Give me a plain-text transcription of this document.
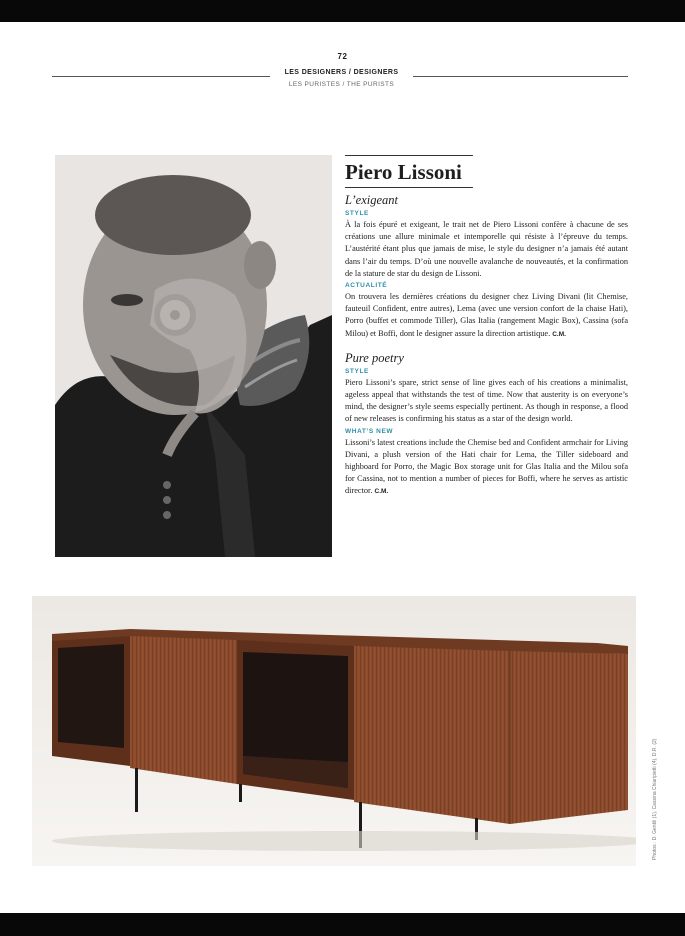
72
LES DESIGNERS / DESIGNERS
LES PURISTES / THE PURISTS
Piero Lissoni
L’exigeant
STYLE

À la fois épuré et exigeant, le trait net de Piero Lissoni confère à chacune de ses créations une allure minimale et intemporelle qui résiste à l’épreuve du temps. L’austérité étant plus que jamais de mise, le style du designer n’a jamais été autant dans l’air du temps. D’où une nouvelle avalanche de nouveautés, et la confirmation de la stature de star du design de Lissoni.

ACTUALITÉ

On trouvera les dernières créations du designer chez Living Divani (lit Chemise, fauteuil Confident, entre autres), Lema (avec une version confort de la chaise Hati), Porro (buffet et commode Tiller), Glas Italia (rangement Magic Box), Cassina (sofa Milou) et Boffi, dont le designer assure la direction artistique. C.M.

Pure poetry
STYLE

Piero Lissoni’s spare, strict sense of line gives each of his creations a minimalist, ageless appeal that withstands the test of time. Now that austerity is on everyone’s mind, the designer’s style seems especially pertinent. As though in response, a flood of new releases is confirming his status as a star of the design world.

WHAT’S NEW

Lissoni’s latest creations include the Chemise bed and Confident armchair for Living Divani, a plush version of the Hati chair for Lema, the Tiller sideboard and highboard for Porro, the Magic Box storage unit for Glas Italia and the Milou sofa for Cassina, not to mention a number of pieces for Boffi, where he serves as artistic director. C.M.

Photos : D. Gentili (1), Cassina Chiaripietti (4), D.R. (2)
